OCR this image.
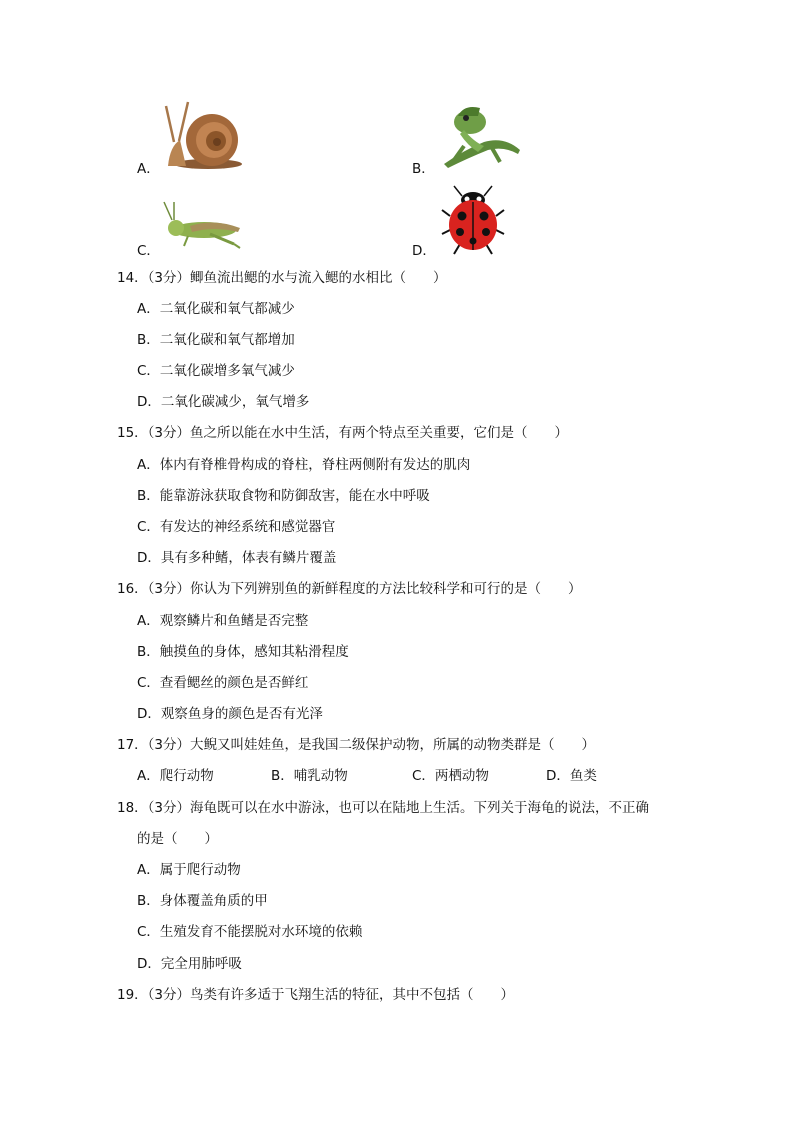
A．	B．
C．	D．
14．（3分）鲫鱼流出鳃的水与流入鳃的水相比（　　）
A．二氧化碳和氧气都减少
B．二氧化碳和氧气都增加
C．二氧化碳增多氧气减少
D．二氧化碳减少，氧气增多
15．（3分）鱼之所以能在水中生活，有两个特点至关重要，它们是（　　）
A．体内有脊椎骨构成的脊柱，脊柱两侧附有发达的肌肉
B．能靠游泳获取食物和防御敌害，能在水中呼吸
C．有发达的神经系统和感觉器官
D．具有多种鳍，体表有鳞片覆盖
16．（3分）你认为下列辨别鱼的新鲜程度的方法比较科学和可行的是（　　）
A．观察鳞片和鱼鳍是否完整
B．触摸鱼的身体，感知其粘滑程度
C．查看鳃丝的颜色是否鲜红
D．观察鱼身的颜色是否有光泽
17．（3分）大鲵又叫娃娃鱼，是我国二级保护动物，所属的动物类群是（　　）
A．爬行动物	B．哺乳动物	C．两栖动物	D．鱼类
18．（3分）海龟既可以在水中游泳，也可以在陆地上生活。下列关于海龟的说法，不正确
的是（　　）
A．属于爬行动物
B．身体覆盖角质的甲
C．生殖发育不能摆脱对水环境的依赖
D．完全用肺呼吸
19．（3分）鸟类有许多适于飞翔生活的特征，其中不包括（　　）
